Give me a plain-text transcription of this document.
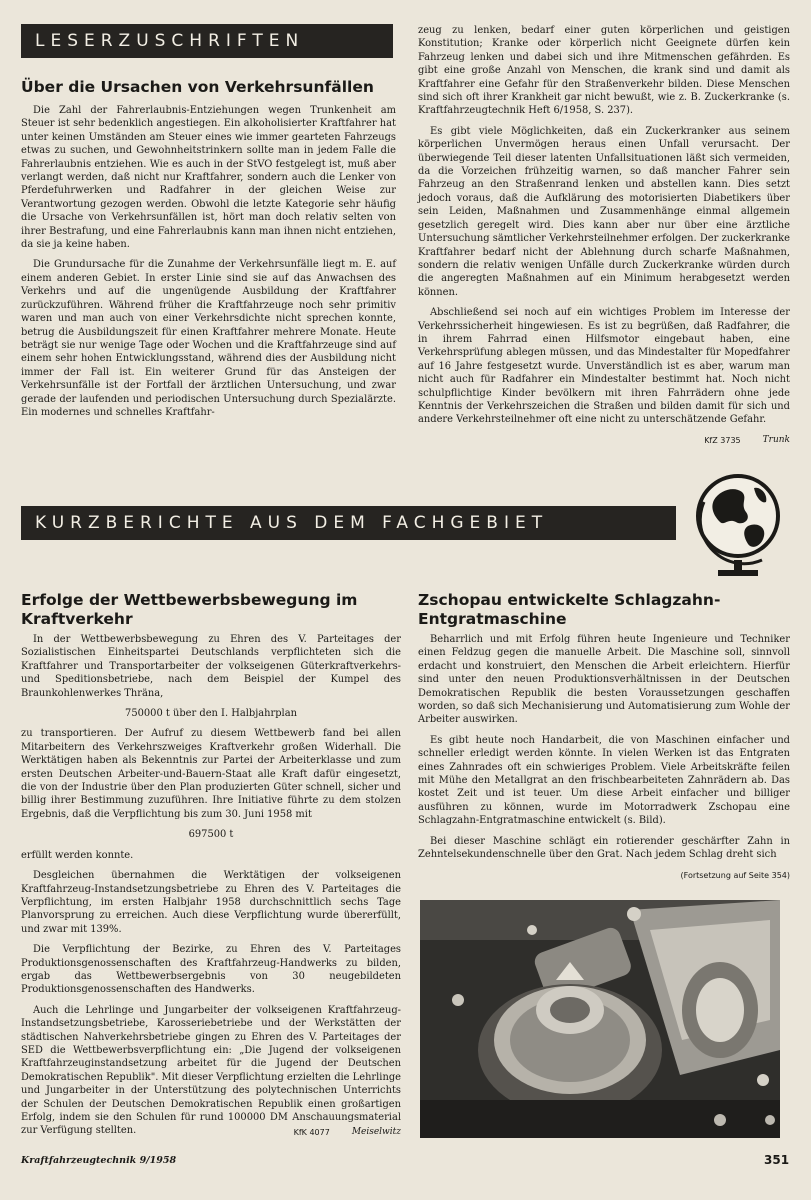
LESERZUSCHRIFTEN
Über die Ursachen von Verkehrsunfällen

Die Zahl der Fahrerlaubnis-Entziehungen wegen Trunkenheit am Steuer ist sehr bedenklich angestiegen. Ein alkoholisierter Kraftfahrer hat unter keinen Umständen am Steuer eines wie immer gearteten Fahrzeugs etwas zu suchen, und Gewohnheitstrinkern sollte man in jedem Falle die Fahrerlaubnis entziehen. Wie es auch in der StVO festgelegt ist, muß aber verlangt werden, daß nicht nur Kraftfahrer, sondern auch die Lenker von Pferdefuhrwerken und Radfahrer in der gleichen Weise zur Verantwortung gezogen werden. Obwohl die letzte Kategorie sehr häufig die Ursache von Verkehrsunfällen ist, hört man doch relativ selten von ihrer Bestrafung, und eine Fahrerlaubnis kann man ihnen nicht entziehen, da sie ja keine haben.

Die Grundursache für die Zunahme der Verkehrsunfälle liegt m. E. auf einem anderen Gebiet. In erster Linie sind sie auf das Anwachsen des Verkehrs und auf die ungenügende Ausbildung der Kraftfahrer zurückzuführen. Während früher die Kraftfahrzeuge noch sehr primitiv waren und man auch von einer Verkehrsdichte nicht sprechen konnte, betrug die Ausbildungszeit für einen Kraftfahrer mehrere Monate. Heute beträgt sie nur wenige Tage oder Wochen und die Kraftfahrzeuge sind auf einem sehr hohen Entwicklungsstand, während dies der Ausbildung nicht immer der Fall ist. Ein weiterer Grund für das Ansteigen der Verkehrsunfälle ist der Fortfall der ärztlichen Untersuchung, und zwar gerade der laufenden und periodischen Untersuchung durch Spezialärzte. Ein modernes und schnelles Kraftfahr-

zeug zu lenken, bedarf einer guten körperlichen und geistigen Konstitution; Kranke oder körperlich nicht Geeignete dürfen kein Fahrzeug lenken und dabei sich und ihre Mitmenschen gefährden. Es gibt eine große Anzahl von Menschen, die krank sind und damit als Kraftfahrer eine Gefahr für den Straßenverkehr bilden. Diese Menschen sind sich oft ihrer Krankheit gar nicht bewußt, wie z. B. Zuckerkranke (s. Kraftfahrzeugtechnik Heft 6/1958, S. 237).

Es gibt viele Möglichkeiten, daß ein Zuckerkranker aus seinem körperlichen Unvermögen heraus einen Unfall verursacht. Der überwiegende Teil dieser latenten Unfallsituationen läßt sich vermeiden, da die Vorzeichen frühzeitig warnen, so daß mancher Fahrer sein Fahrzeug an den Straßenrand lenken und abstellen kann. Dies setzt jedoch voraus, daß die Aufklärung des motorisierten Diabetikers über sein Leiden, Maßnahmen und Zusammenhänge einmal allgemein gesetzlich geregelt wird. Dies kann aber nur über eine ärztliche Untersuchung sämtlicher Verkehrsteilnehmer erfolgen. Der zuckerkranke Kraftfahrer bedarf nicht der Ablehnung durch scharfe Maßnahmen, sondern die relativ wenigen Unfälle durch Zuckerkranke würden durch die angeregten Maßnahmen auf ein Minimum herabgesetzt werden können.

Abschließend sei noch auf ein wichtiges Problem im Interesse der Verkehrssicherheit hingewiesen. Es ist zu begrüßen, daß Radfahrer, die in ihrem Fahrrad einen Hilfsmotor eingebaut haben, eine Verkehrsprüfung ablegen müssen, und das Mindestalter für Mopedfahrer auf 16 Jahre festgesetzt wurde. Unverständlich ist es aber, warum man nicht auch für Radfahrer ein Mindestalter bestimmt hat. Noch nicht schulpflichtige Kinder bevölkern mit ihren Fahrrädern ohne jede Kenntnis der Verkehrszeichen die Straßen und bilden damit für sich und andere Verkehrsteilnehmer oft eine nicht zu unterschätzende Gefahr.

KfZ 3735 Trunk
KURZBERICHTE AUS DEM FACHGEBIET
Erfolge der Wettbewerbsbewegung im Kraftverkehr

In der Wettbewerbsbewegung zu Ehren des V. Parteitages der Sozialistischen Einheitspartei Deutschlands verpflichteten sich die Kraftfahrer und Transportarbeiter der volkseigenen Güterkraftverkehrs- und Speditionsbetriebe, nach dem Beispiel der Kumpel des Braunkohlenwerkes Thräna,

750000 t über den I. Halbjahrplan

zu transportieren. Der Aufruf zu diesem Wettbewerb fand bei allen Mitarbeitern des Verkehrszweiges Kraftverkehr großen Widerhall. Die Werktätigen haben als Bekenntnis zur Partei der Arbeiterklasse und zum ersten Deutschen Arbeiter-und-Bauern-Staat alle Kraft dafür eingesetzt, die von der Industrie über den Plan produzierten Güter schnell, sicher und billig ihrer Bestimmung zuzuführen. Ihre Initiative führte zu dem stolzen Ergebnis, daß die Verpflichtung bis zum 30. Juni 1958 mit

697500 t

erfüllt werden konnte.

Desgleichen übernahmen die Werktätigen der volkseigenen Kraftfahrzeug-Instandsetzungsbetriebe zu Ehren des V. Parteitages die Verpflichtung, im ersten Halbjahr 1958 durchschnittlich sechs Tage Planvorsprung zu erreichen. Auch diese Verpflichtung wurde übererfüllt, und zwar mit 139%.

Die Verpflichtung der Bezirke, zu Ehren des V. Parteitages Produktionsgenossenschaften des Kraftfahrzeug-Handwerks zu bilden, ergab das Wettbewerbsergebnis von 30 neugebildeten Produktionsgenossenschaften des Handwerks.

Auch die Lehrlinge und Jungarbeiter der volkseigenen Kraftfahrzeug-Instandsetzungsbetriebe, Karosseriebetriebe und der Werkstätten der städtischen Nahverkehrsbetriebe gingen zu Ehren des V. Parteitages der SED die Wettbewerbsverpflichtung ein: „Die Jugend der volkseigenen Kraftfahrzeuginstandsetzung arbeitet für die Jugend der Deutschen Demokratischen Republik". Mit dieser Verpflichtung erzielten die Lehrlinge und Jungarbeiter in der Unterstützung des polytechnischen Unterrichts der Schulen der Deutschen Demokratischen Republik einen großartigen Erfolg, indem sie den Schulen für rund 100000 DM Anschauungsmaterial zur Verfügung stellten.	KfK 4077 Meiselwitz
Zschopau entwickelte Schlagzahn-Entgratmaschine

Beharrlich und mit Erfolg führen heute Ingenieure und Techniker einen Feldzug gegen die manuelle Arbeit. Die Maschine soll, sinnvoll erdacht und konstruiert, den Menschen die Arbeit erleichtern. Hierfür sind unter den neuen Produktionsverhältnissen in der Deutschen Demokratischen Republik die besten Voraussetzungen geschaffen worden, so daß sich Mechanisierung und Automatisierung zum Wohle der Arbeiter auswirken.

Es gibt heute noch Handarbeit, die von Maschinen einfacher und schneller erledigt werden könnte. In vielen Werken ist das Entgraten eines Zahnrades oft ein schwieriges Problem. Viele Arbeitskräfte feilen mit Mühe den Metallgrat an den frischbearbeiteten Zahnrädern ab. Das kostet Zeit und ist teuer. Um diese Arbeit einfacher und billiger ausführen zu können, wurde im Motorradwerk Zschopau eine Schlagzahn-Entgratmaschine entwickelt (s. Bild).

Bei dieser Maschine schlägt ein rotierender geschärfter Zahn in Zehntelsekundenschnelle über den Grat. Nach jedem Schlag dreht sich

(Fortsetzung auf Seite 354)
Kraftfahrzeugtechnik 9/1958	351
